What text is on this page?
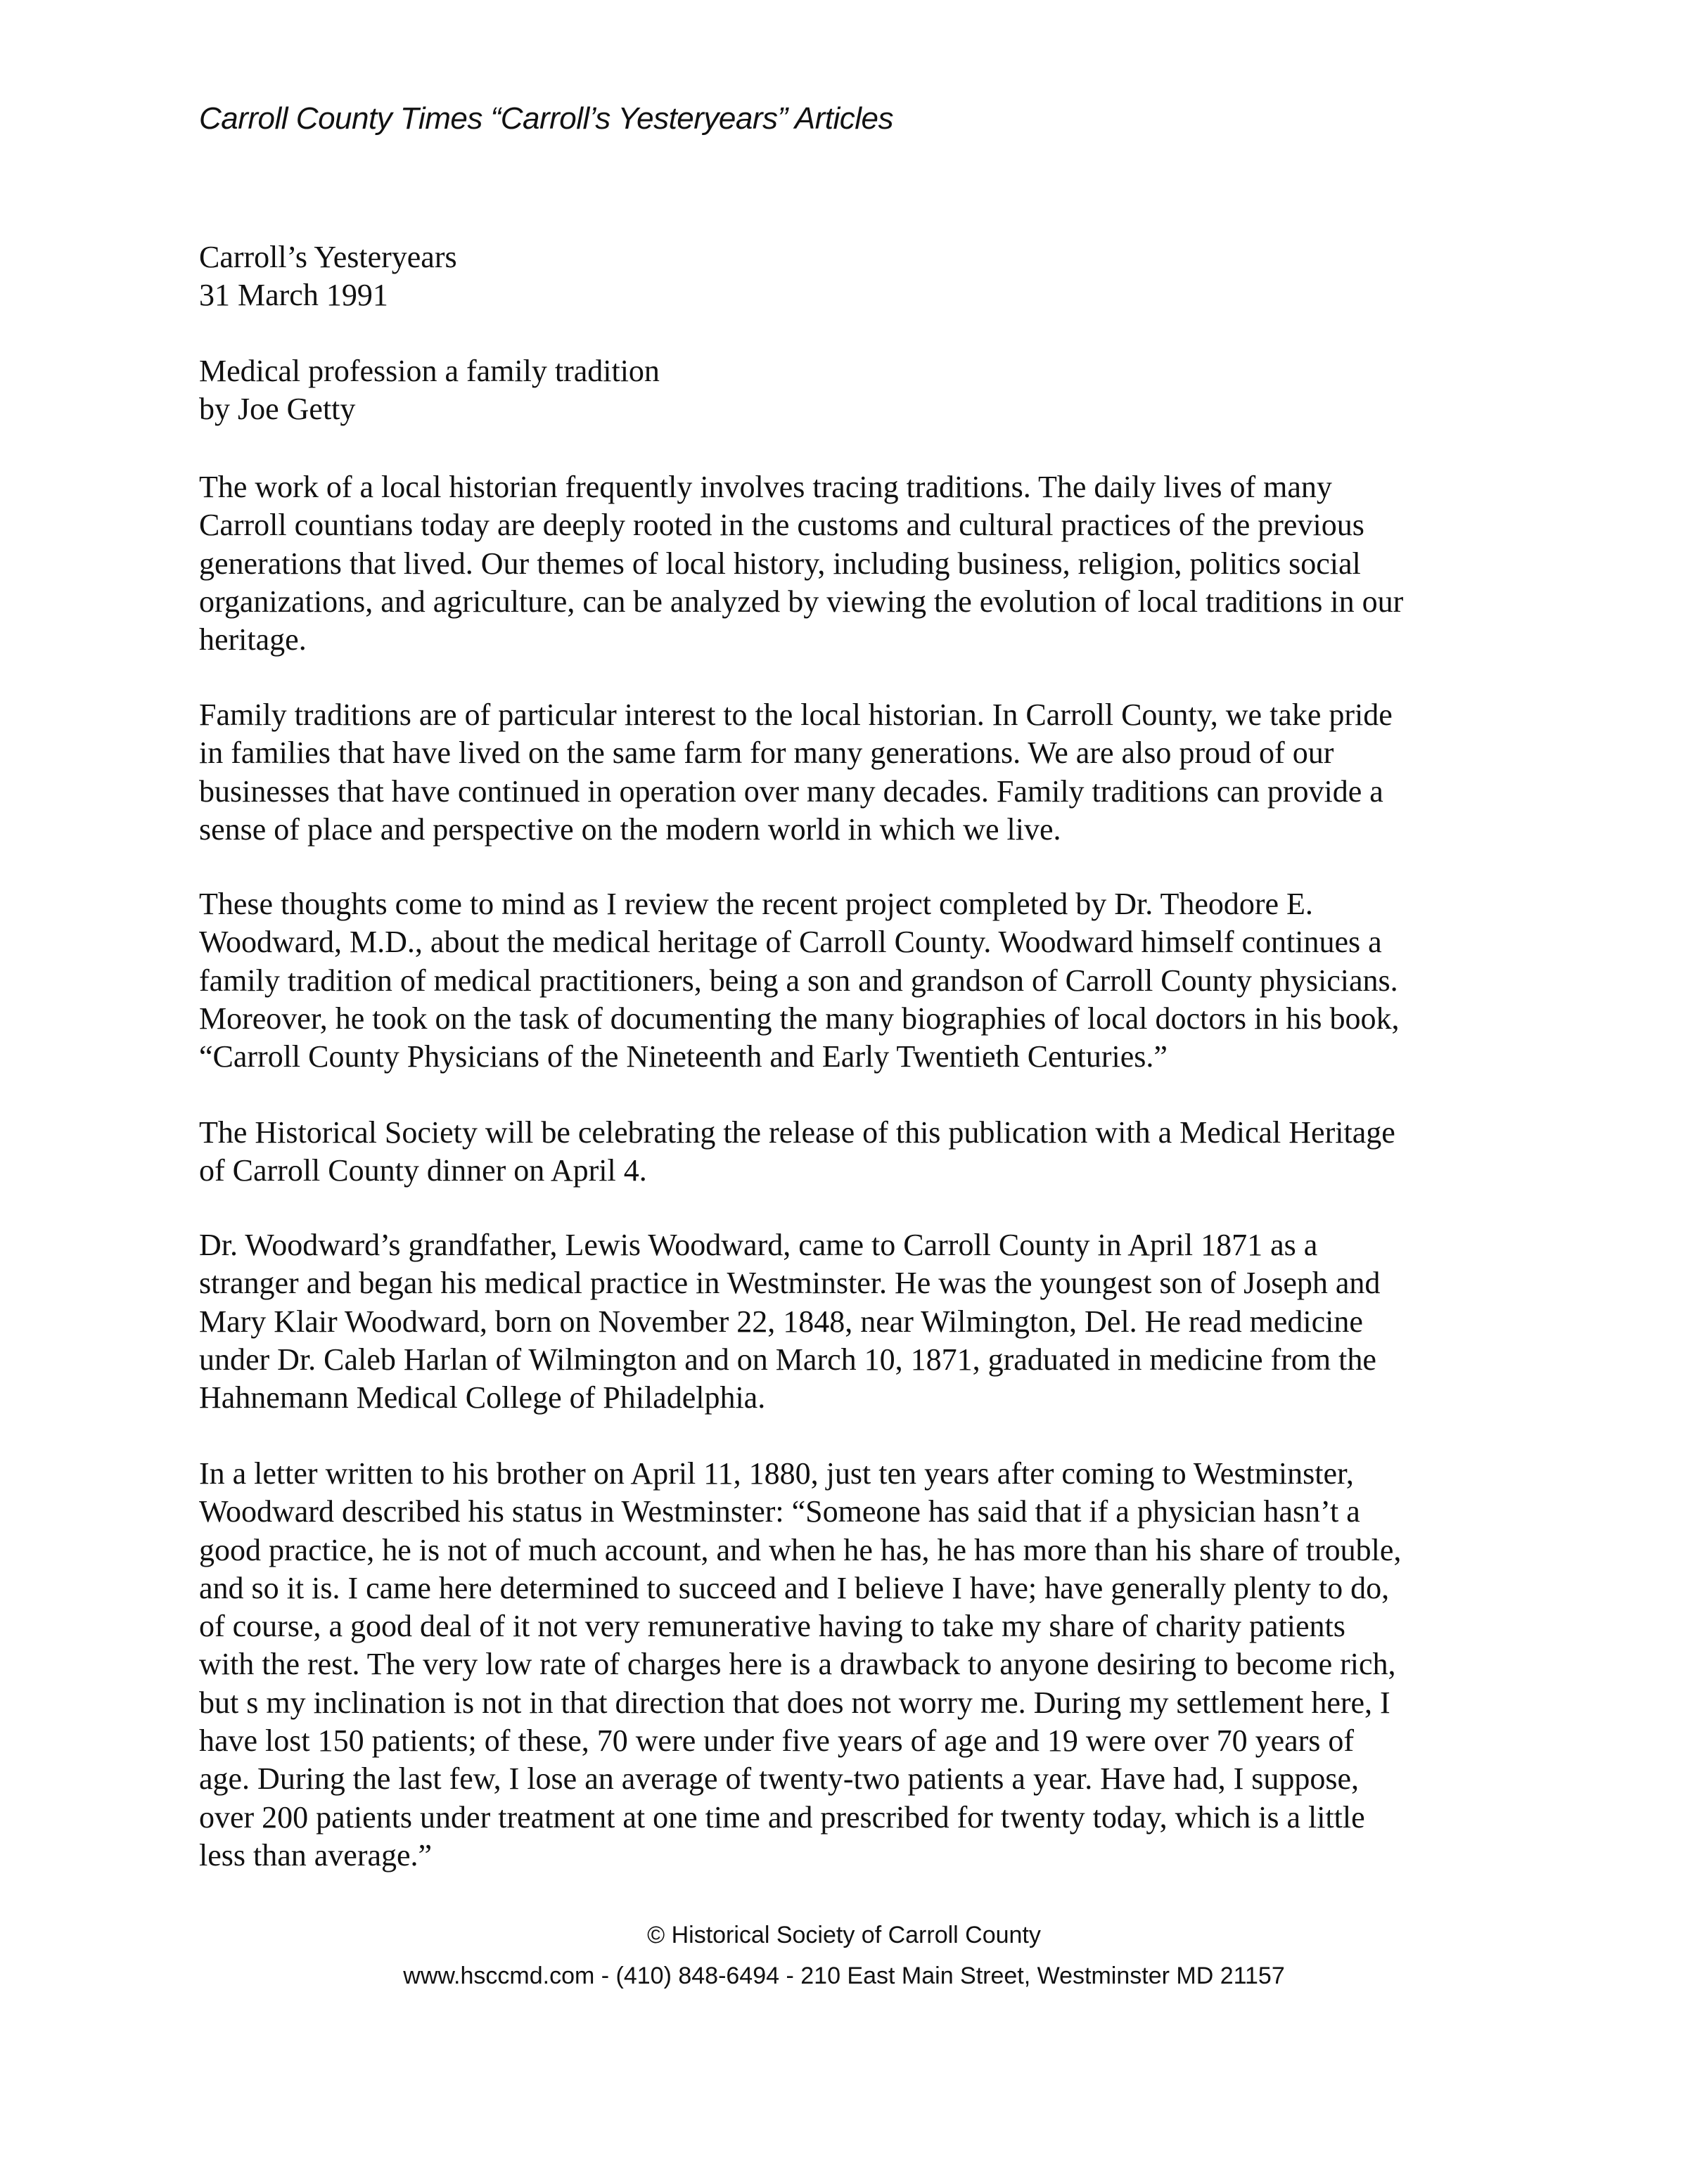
Carroll County Times “Carroll’s Yesteryears” Articles
Carroll’s Yesteryears
31 March 1991
Medical profession a family tradition
by Joe Getty
The work of a local historian frequently involves tracing traditions. The daily lives of many
Carroll countians today are deeply rooted in the customs and cultural practices of the previous
generations that lived. Our themes of local history, including business, religion, politics social
organizations, and agriculture, can be analyzed by viewing the evolution of local traditions in our
heritage.
Family traditions are of particular interest to the local historian. In Carroll County, we take pride
in families that have lived on the same farm for many generations. We are also proud of our
businesses that have continued in operation over many decades. Family traditions can provide a
sense of place and perspective on the modern world in which we live.
These thoughts come to mind as I review the recent project completed by Dr. Theodore E.
Woodward, M.D., about the medical heritage of Carroll County. Woodward himself continues a
family tradition of medical practitioners, being a son and grandson of Carroll County physicians.
Moreover, he took on the task of documenting the many biographies of local doctors in his book,
“Carroll County Physicians of the Nineteenth and Early Twentieth Centuries.”
The Historical Society will be celebrating the release of this publication with a Medical Heritage
of Carroll County dinner on April 4.
Dr. Woodward’s grandfather, Lewis Woodward, came to Carroll County in April 1871 as a
stranger and began his medical practice in Westminster. He was the youngest son of Joseph and
Mary Klair Woodward, born on November 22, 1848, near Wilmington, Del. He read medicine
under Dr. Caleb Harlan of Wilmington and on March 10, 1871, graduated in medicine from the
Hahnemann Medical College of Philadelphia.
In a letter written to his brother on April 11, 1880, just ten years after coming to Westminster,
Woodward described his status in Westminster: “Someone has said that if a physician hasn’t a
good practice, he is not of much account, and when he has, he has more than his share of trouble,
and so it is. I came here determined to succeed and I believe I have; have generally plenty to do,
of course, a good deal of it not very remunerative having to take my share of charity patients
with the rest. The very low rate of charges here is a drawback to anyone desiring to become rich,
but s my inclination is not in that direction that does not worry me. During my settlement here, I
have lost 150 patients; of these, 70 were under five years of age and 19 were over 70 years of
age. During the last few, I lose an average of twenty-two patients a year. Have had, I suppose,
over 200 patients under treatment at one time and prescribed for twenty today, which is a little
less than average.”
© Historical Society of Carroll County
www.hsccmd.com - (410) 848-6494 - 210 East Main Street, Westminster MD 21157
